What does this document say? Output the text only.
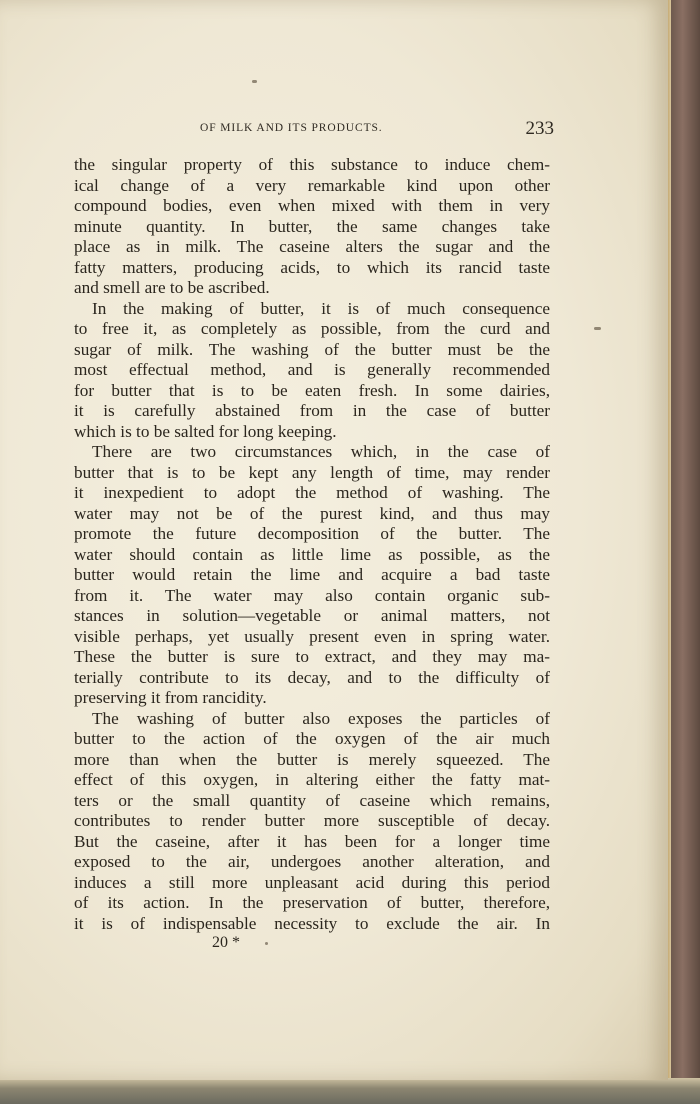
OF MILK AND ITS PRODUCTS.	233
the singular property of this substance to induce chem-
ical change of a very remarkable kind upon other
compound bodies, even when mixed with them in very
minute quantity. In butter, the same changes take
place as in milk. The caseine alters the sugar and the
fatty matters, producing acids, to which its rancid taste
and smell are to be ascribed.
In the making of butter, it is of much consequence
to free it, as completely as possible, from the curd and
sugar of milk. The washing of the butter must be the
most effectual method, and is generally recommended
for butter that is to be eaten fresh. In some dairies,
it is carefully abstained from in the case of butter
which is to be salted for long keeping.
There are two circumstances which, in the case of
butter that is to be kept any length of time, may render
it inexpedient to adopt the method of washing. The
water may not be of the purest kind, and thus may
promote the future decomposition of the butter. The
water should contain as little lime as possible, as the
butter would retain the lime and acquire a bad taste
from it. The water may also contain organic sub-
stances in solution—vegetable or animal matters, not
visible perhaps, yet usually present even in spring water.
These the butter is sure to extract, and they may ma-
terially contribute to its decay, and to the difficulty of
preserving it from rancidity.
The washing of butter also exposes the particles of
butter to the action of the oxygen of the air much
more than when the butter is merely squeezed. The
effect of this oxygen, in altering either the fatty mat-
ters or the small quantity of caseine which remains,
contributes to render butter more susceptible of decay.
But the caseine, after it has been for a longer time
exposed to the air, undergoes another alteration, and
induces a still more unpleasant acid during this period
of its action. In the preservation of butter, therefore,
it is of indispensable necessity to exclude the air. In
20 *
